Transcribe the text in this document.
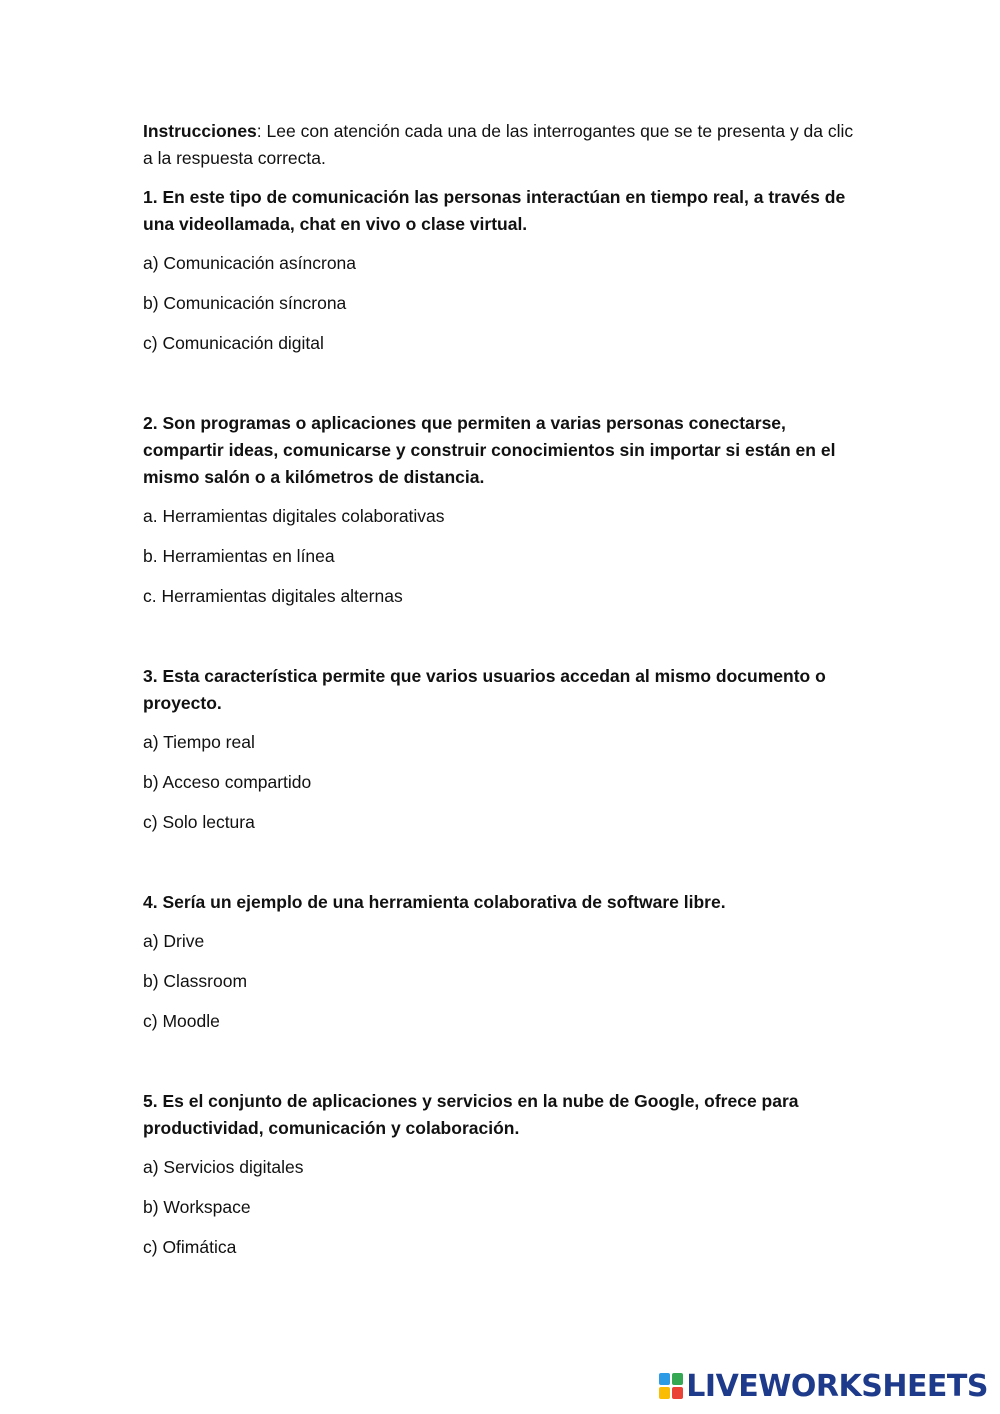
Instrucciones: Lee con atención cada una de las interrogantes que se te presenta y da clic a la respuesta correcta.

1. En este tipo de comunicación las personas interactúan en tiempo real, a través de una videollamada, chat en vivo o clase virtual.

a) Comunicación asíncrona

b) Comunicación síncrona

c) Comunicación digital

2. Son programas o aplicaciones que permiten a varias personas conectarse, compartir ideas, comunicarse y construir conocimientos sin importar si están en el mismo salón o a kilómetros de distancia.

a. Herramientas digitales colaborativas

b. Herramientas en línea

c. Herramientas digitales alternas

3. Esta característica permite que varios usuarios accedan al mismo documento o proyecto.

a) Tiempo real

b) Acceso compartido

c) Solo lectura

4. Sería un ejemplo de una herramienta colaborativa de software libre.

a) Drive

b) Classroom

c) Moodle

5. Es el conjunto de aplicaciones y servicios en la nube de Google, ofrece para productividad, comunicación y colaboración.

a) Servicios digitales

b) Workspace

c) Ofimática

LIVEWORKSHEETS
